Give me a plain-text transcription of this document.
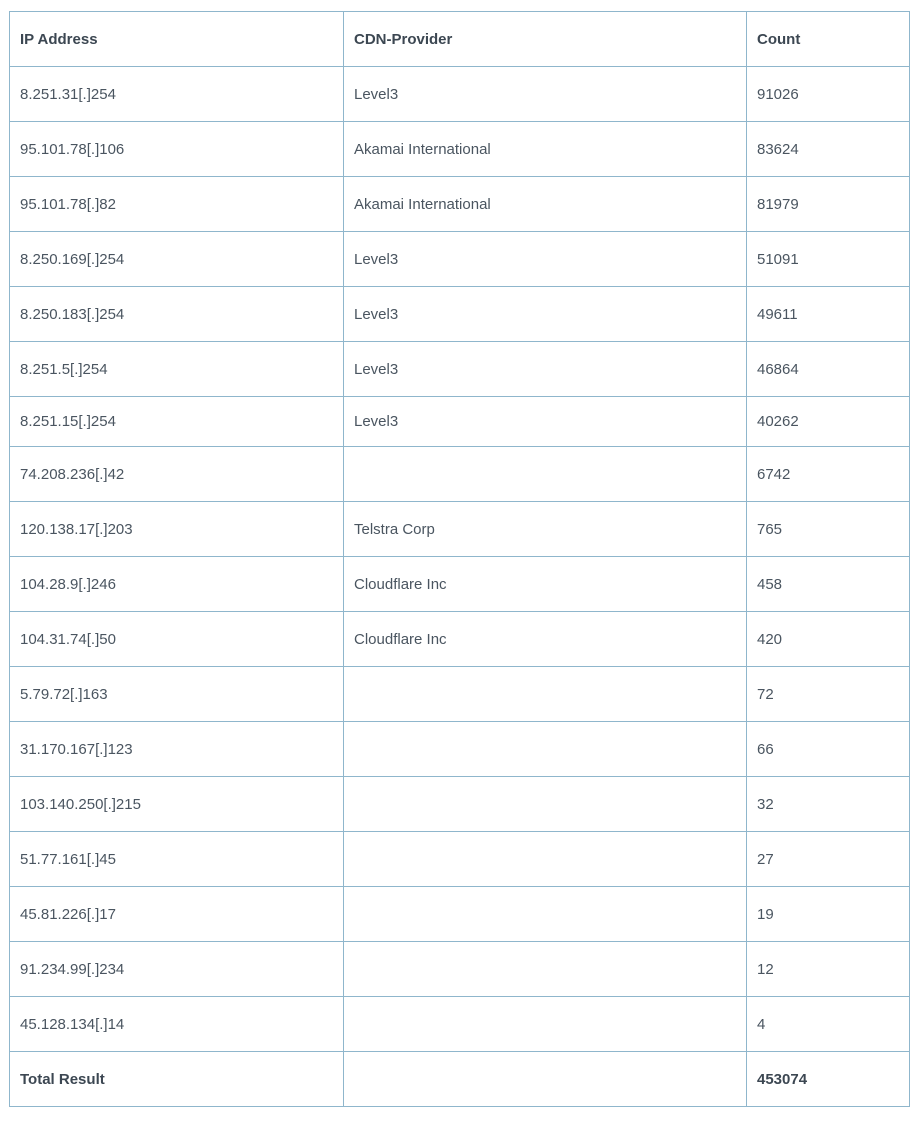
IP Address	CDN-Provider	Count
8.251.31[.]254	Level3	91026
95.101.78[.]106	Akamai International	83624
95.101.78[.]82	Akamai International	81979
8.250.169[.]254	Level3	51091
8.250.183[.]254	Level3	49611
8.251.5[.]254	Level3	46864
8.251.15[.]254	Level3	40262
74.208.236[.]42		6742
120.138.17[.]203	Telstra Corp	765
104.28.9[.]246	Cloudflare Inc	458
104.31.74[.]50	Cloudflare Inc	420
5.79.72[.]163		72
31.170.167[.]123		66
103.140.250[.]215		32
51.77.161[.]45		27
45.81.226[.]17		19
91.234.99[.]234		12
45.128.134[.]14		4
Total Result		453074
